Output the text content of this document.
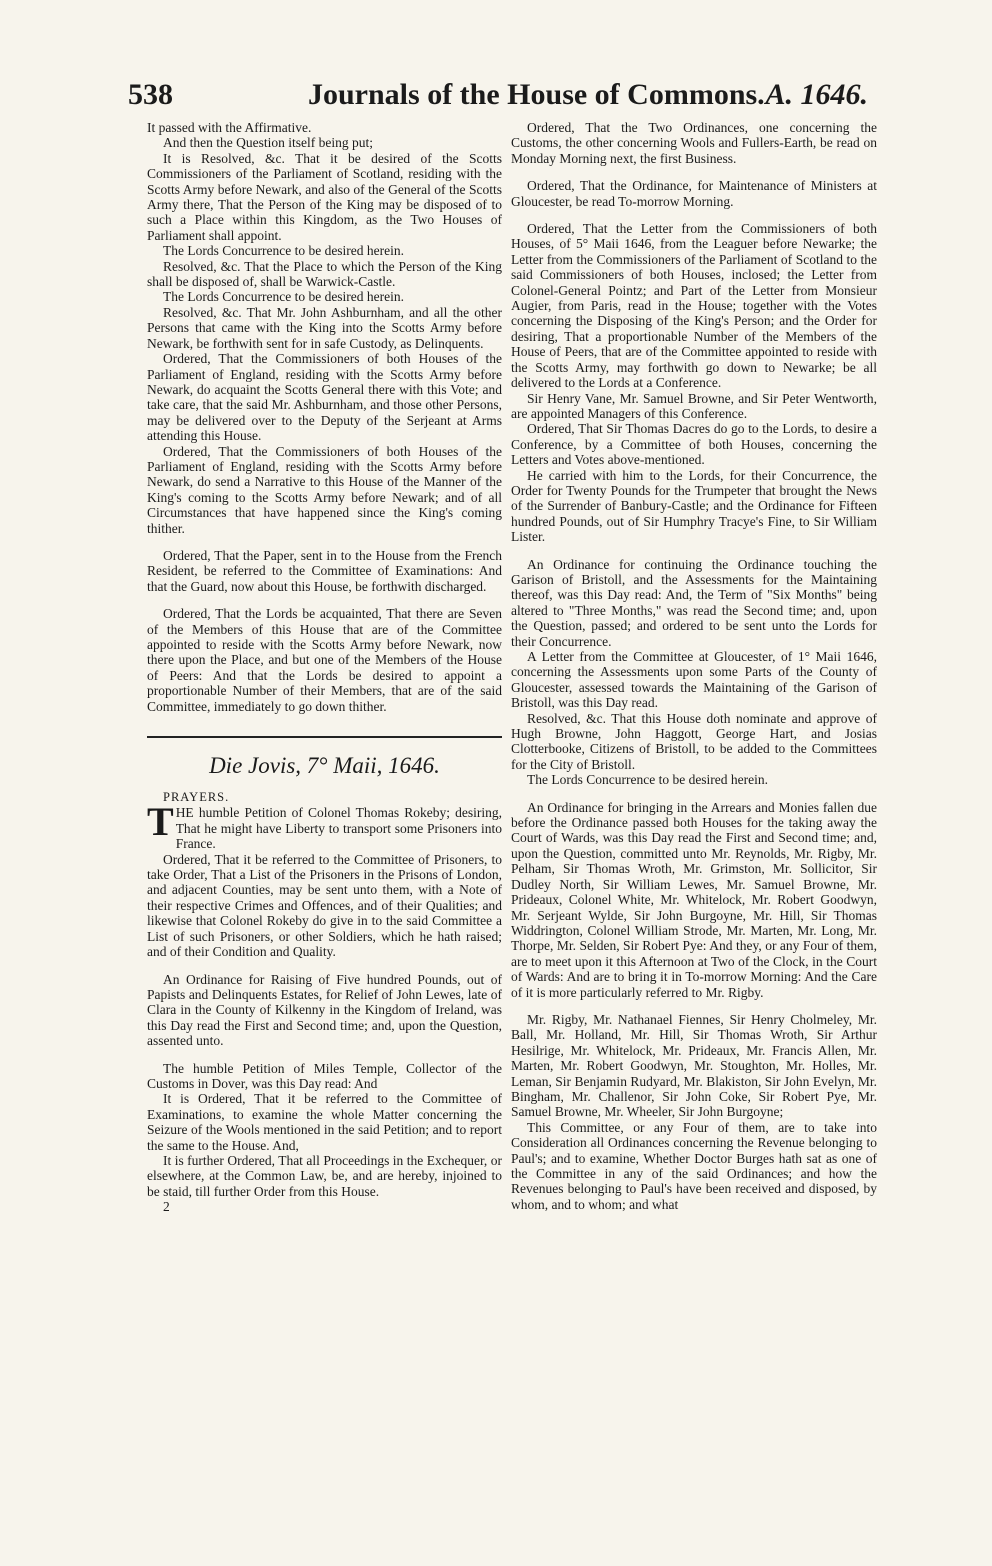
538	Journals of the House of Commons. A. 1646.

It passed with the Affirmative.

And then the Question itself being put;

It is Resolved, &c. That it be desired of the Scotts Commissioners of the Parliament of Scotland, residing with the Scotts Army before Newark, and also of the General of the Scotts Army there, That the Person of the King may be disposed of to such a Place within this Kingdom, as the Two Houses of Parliament shall appoint.

The Lords Concurrence to be desired herein.

Resolved, &c. That the Place to which the Person of the King shall be disposed of, shall be Warwick-Castle.

The Lords Concurrence to be desired herein.

Resolved, &c. That Mr. John Ashburnham, and all the other Persons that came with the King into the Scotts Army before Newark, be forthwith sent for in safe Custody, as Delinquents.

Ordered, That the Commissioners of both Houses of the Parliament of England, residing with the Scotts Army before Newark, do acquaint the Scotts General there with this Vote; and take care, that the said Mr. Ashburnham, and those other Persons, may be delivered over to the Deputy of the Serjeant at Arms attending this House.

Ordered, That the Commissioners of both Houses of the Parliament of England, residing with the Scotts Army before Newark, do send a Narrative to this House of the Manner of the King's coming to the Scotts Army before Newark; and of all Circumstances that have happened since the King's coming thither.

Ordered, That the Paper, sent in to the House from the French Resident, be referred to the Committee of Examinations: And that the Guard, now about this House, be forthwith discharged.

Ordered, That the Lords be acquainted, That there are Seven of the Members of this House that are of the Committee appointed to reside with the Scotts Army before Newark, now there upon the Place, and but one of the Members of the House of Peers: And that the Lords be desired to appoint a proportionable Number of their Members, that are of the said Committee, immediately to go down thither.

Die Jovis, 7° Maii, 1646.

PRAYERS.

THE humble Petition of Colonel Thomas Rokeby; desiring, That he might have Liberty to transport some Prisoners into France.

Ordered, That it be referred to the Committee of Prisoners, to take Order, That a List of the Prisoners in the Prisons of London, and adjacent Counties, may be sent unto them, with a Note of their respective Crimes and Offences, and of their Qualities; and likewise that Colonel Rokeby do give in to the said Committee a List of such Prisoners, or other Soldiers, which he hath raised; and of their Condition and Quality.

An Ordinance for Raising of Five hundred Pounds, out of Papists and Delinquents Estates, for Relief of John Lewes, late of Clara in the County of Kilkenny in the Kingdom of Ireland, was this Day read the First and Second time; and, upon the Question, assented unto.

The humble Petition of Miles Temple, Collector of the Customs in Dover, was this Day read: And

It is Ordered, That it be referred to the Committee of Examinations, to examine the whole Matter concerning the Seizure of the Wools mentioned in the said Petition; and to report the same to the House. And,

It is further Ordered, That all Proceedings in the Exchequer, or elsewhere, at the Common Law, be, and are hereby, injoined to be staid, till further Order from this House.

2

Ordered, That the Two Ordinances, one concerning the Customs, the other concerning Wools and Fullers-Earth, be read on Monday Morning next, the first Business.

Ordered, That the Ordinance, for Maintenance of Ministers at Gloucester, be read To-morrow Morning.

Ordered, That the Letter from the Commissioners of both Houses, of 5° Maii 1646, from the Leaguer before Newarke; the Letter from the Commissioners of the Parliament of Scotland to the said Commissioners of both Houses, inclosed; the Letter from Colonel-General Pointz; and Part of the Letter from Monsieur Augier, from Paris, read in the House; together with the Votes concerning the Disposing of the King's Person; and the Order for desiring, That a proportionable Number of the Members of the House of Peers, that are of the Committee appointed to reside with the Scotts Army, may forthwith go down to Newarke; be all delivered to the Lords at a Conference.

Sir Henry Vane, Mr. Samuel Browne, and Sir Peter Wentworth, are appointed Managers of this Conference.

Ordered, That Sir Thomas Dacres do go to the Lords, to desire a Conference, by a Committee of both Houses, concerning the Letters and Votes above-mentioned.

He carried with him to the Lords, for their Concurrence, the Order for Twenty Pounds for the Trumpeter that brought the News of the Surrender of Banbury-Castle; and the Ordinance for Fifteen hundred Pounds, out of Sir Humphry Tracye's Fine, to Sir William Lister.

An Ordinance for continuing the Ordinance touching the Garison of Bristoll, and the Assessments for the Maintaining thereof, was this Day read: And, the Term of "Six Months" being altered to "Three Months," was read the Second time; and, upon the Question, passed; and ordered to be sent unto the Lords for their Concurrence.

A Letter from the Committee at Gloucester, of 1° Maii 1646, concerning the Assessments upon some Parts of the County of Gloucester, assessed towards the Maintaining of the Garison of Bristoll, was this Day read.

Resolved, &c. That this House doth nominate and approve of Hugh Browne, John Haggott, George Hart, and Josias Clotterbooke, Citizens of Bristoll, to be added to the Committees for the City of Bristoll.

The Lords Concurrence to be desired herein.

An Ordinance for bringing in the Arrears and Monies fallen due before the Ordinance passed both Houses for the taking away the Court of Wards, was this Day read the First and Second time; and, upon the Question, committed unto Mr. Reynolds, Mr. Rigby, Mr. Pelham, Sir Thomas Wroth, Mr. Grimston, Mr. Sollicitor, Sir Dudley North, Sir William Lewes, Mr. Samuel Browne, Mr. Prideaux, Colonel White, Mr. Whitelock, Mr. Robert Goodwyn, Mr. Serjeant Wylde, Sir John Burgoyne, Mr. Hill, Sir Thomas Widdrington, Colonel William Strode, Mr. Marten, Mr. Long, Mr. Thorpe, Mr. Selden, Sir Robert Pye: And they, or any Four of them, are to meet upon it this Afternoon at Two of the Clock, in the Court of Wards: And are to bring it in To-morrow Morning: And the Care of it is more particularly referred to Mr. Rigby.

Mr. Rigby, Mr. Nathanael Fiennes, Sir Henry Cholmeley, Mr. Ball, Mr. Holland, Mr. Hill, Sir Thomas Wroth, Sir Arthur Hesilrige, Mr. Whitelock, Mr. Prideaux, Mr. Francis Allen, Mr. Marten, Mr. Robert Goodwyn, Mr. Stoughton, Mr. Holles, Mr. Leman, Sir Benjamin Rudyard, Mr. Blakiston, Sir John Evelyn, Mr. Bingham, Mr. Challenor, Sir John Coke, Sir Robert Pye, Mr. Samuel Browne, Mr. Wheeler, Sir John Burgoyne;

This Committee, or any Four of them, are to take into Consideration all Ordinances concerning the Revenue belonging to Paul's; and to examine, Whether Doctor Burges hath sat as one of the Committee in any of the said Ordinances; and how the Revenues belonging to Paul's have been received and disposed, by whom, and to whom; and what
